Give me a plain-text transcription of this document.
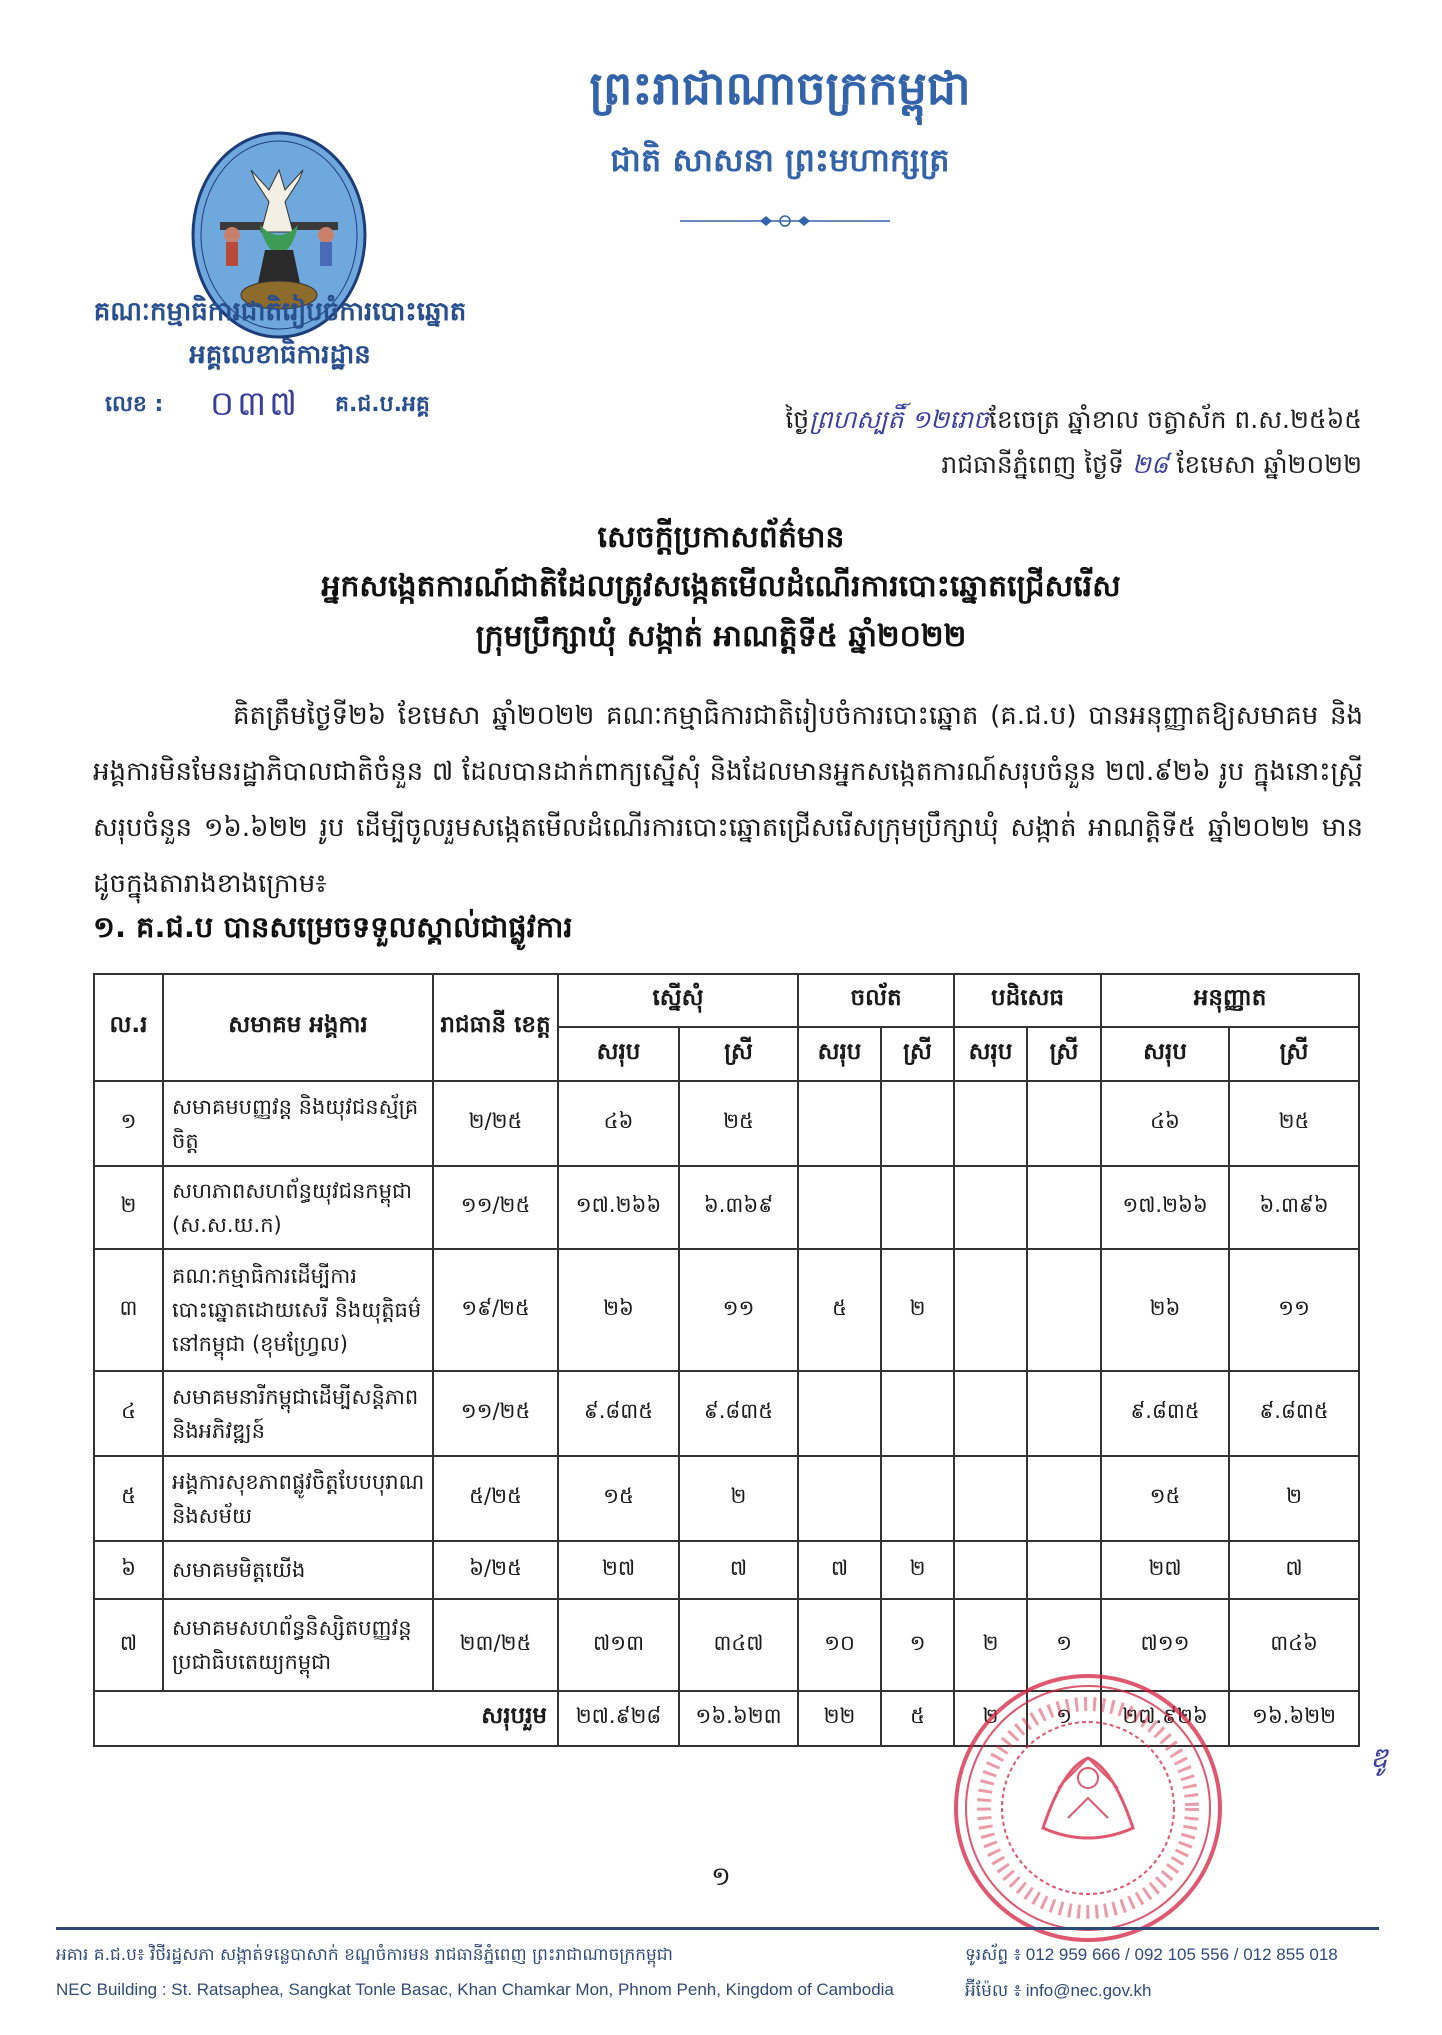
គណៈកម្មាធិការជាតិរៀបចំការបោះឆ្នោត
អគ្គលេខាធិការដ្ឋាន
លេខ : ០៣៧ គ.ជ.ប.អគ្គ
ព្រះរាជាណាចក្រកម្ពុជា
ជាតិ សាសនា ព្រះមហាក្សត្រ
ថ្ងៃព្រហស្បតិ៍ ១២រោចខែចេត្រ ឆ្នាំខាល ចត្វាស័ក ព.ស.២៥៦៥
រាជធានីភ្នំពេញ ថ្ងៃទី ២៨ ខែមេសា ឆ្នាំ២០២២
សេចក្តីប្រកាសព័ត៌មាន
អ្នកសង្កេតការណ៍ជាតិដែលត្រូវសង្កេតមើលដំណើរការបោះឆ្នោតជ្រើសរើស
ក្រុមប្រឹក្សាឃុំ សង្កាត់ អាណត្តិទី៥ ឆ្នាំ២០២២
គិតត្រឹមថ្ងៃទី២៦ ខែមេសា ឆ្នាំ២០២២ គណៈកម្មាធិការជាតិរៀបចំការបោះឆ្នោត (គ.ជ.ប) បានអនុញ្ញាតឱ្យសមាគម និងអង្គការមិនមែនរដ្ឋាភិបាលជាតិចំនួន ៧ ដែលបានដាក់ពាក្យស្នើសុំ និងដែលមានអ្នកសង្កេតការណ៍សរុបចំនួន ២៧.៩២៦ រូប ក្នុងនោះស្ត្រី សរុបចំនួន ១៦.៦២២ រូប ដើម្បីចូលរួមសង្កេតមើលដំណើរការបោះឆ្នោតជ្រើសរើសក្រុមប្រឹក្សាឃុំ សង្កាត់ អាណត្តិទី៥ ឆ្នាំ២០២២ មានដូចក្នុងតារាងខាងក្រោម៖
១. គ.ជ.ប បានសម្រេចទទួលស្គាល់ជាផ្លូវការ
ល.រ	សមាគម អង្គការ	រាជធានី ខេត្ត	ស្នើសុំ		ចល័ត		បដិសេធ		អនុញ្ញាត	
			សរុប	ស្រី	សរុប	ស្រី	សរុប	ស្រី	សរុប	ស្រី
១	សមាគមបញ្ញវន្ត និងយុវជនស្ម័គ្រចិត្ត	២/២៥	៤៦	២៥					៤៦	២៥
២	សហភាពសហព័ន្ធយុវជនកម្ពុជា (ស.ស.យ.ក)	១១/២៥	១៧.២៦៦	៦.៣៦៩					១៧.២៦៦	៦.៣៩៦
៣	គណៈកម្មាធិការដើម្បីការបោះឆ្នោតដោយសេរី និងយុត្តិធម៌នៅកម្ពុជា (ខុមហ្វ្រែល)	១៩/២៥	២៦	១១	៥	២			២៦	១១
៤	សមាគមនារីកម្ពុជាដើម្បីសន្តិភាព និងអភិវឌ្ឍន៍	១១/២៥	៩.៨៣៥	៩.៨៣៥					៩.៨៣៥	៩.៨៣៥
៥	អង្គការសុខភាពផ្លូវចិត្តបែបបុរាណ និងសម័យ	៥/២៥	១៥	២					១៥	២
៦	សមាគមមិត្តយើង	៦/២៥	២៧	៧	៧	២			២៧	៧
៧	សមាគមសហព័ន្ធនិស្សិតបញ្ញវន្តប្រជាធិបតេយ្យកម្ពុជា	២៣/២៥	៧១៣	៣៤៧	១០	១	២	១	៧១១	៣៤៦
សរុបរួម			២៧.៩២៨	១៦.៦២៣	២២	៥	២	១	២៧.៩២៦	១៦.៦២២
ឌូ
១
អគារ គ.ជ.ប៖ វិថីរដ្ឋសភា សង្កាត់ទន្លេបាសាក់ ខណ្ឌចំការមន រាជធានីភ្នំពេញ ព្រះរាជាណាចក្រកម្ពុជា
NEC Building : St. Ratsaphea, Sangkat Tonle Basac, Khan Chamkar Mon, Phnom Penh, Kingdom of Cambodia
ទូរស័ព្ទ ៖ 012 959 666 / 092 105 556 / 012 855 018
អ៊ីម៉ែល ៖ info@nec.gov.kh
